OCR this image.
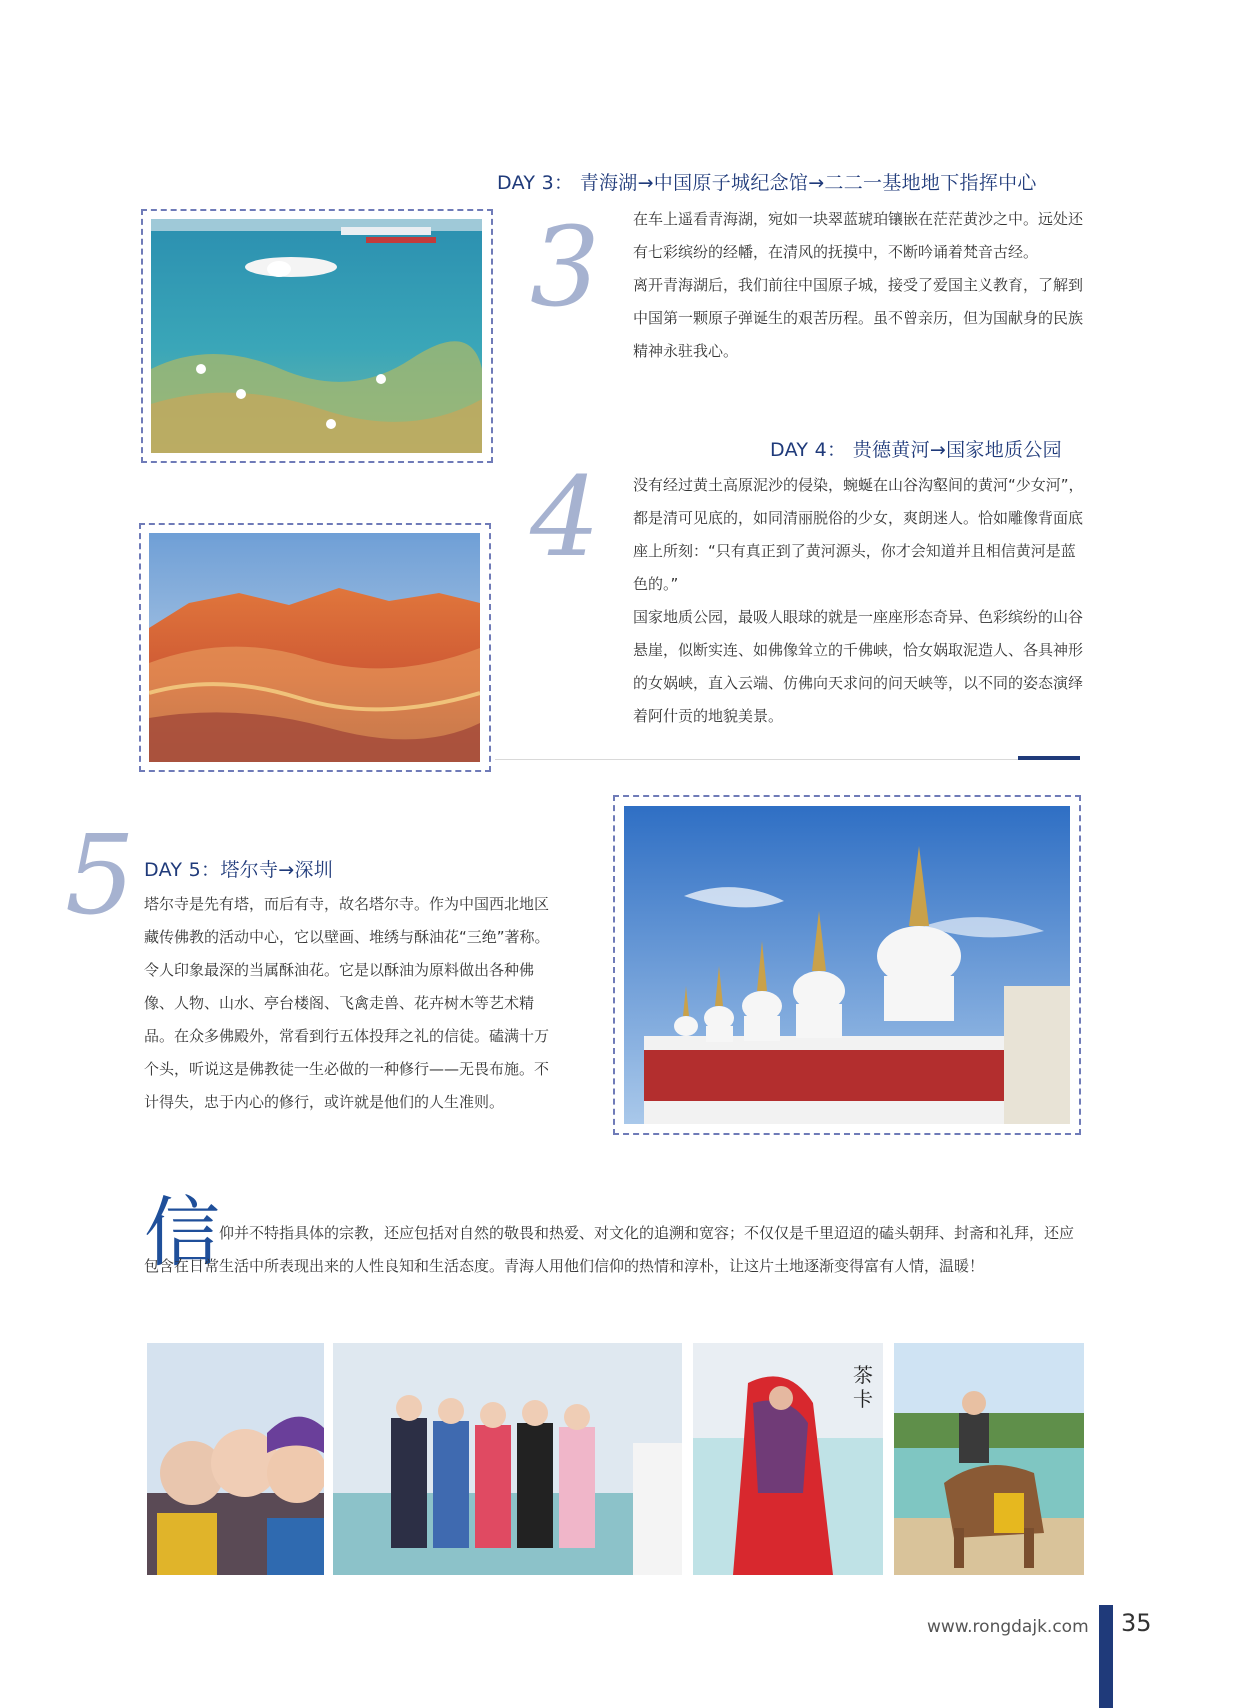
DAY 3： 青海湖→中国原子城纪念馆→二二一基地地下指挥中心
3 在车上遥看青海湖，宛如一块翠蓝琥珀镶嵌在茫茫黄沙之中。远处还有七彩缤纷的经幡，在清风的抚摸中，不断吟诵着梵音古经。

离开青海湖后，我们前往中国原子城，接受了爱国主义教育，了解到中国第一颗原子弹诞生的艰苦历程。虽不曾亲历，但为国献身的民族精神永驻我心。

DAY 4： 贵德黄河→国家地质公园
4 没有经过黄土高原泥沙的侵染，蜿蜒在山谷沟壑间的黄河“少女河”，都是清可见底的，如同清丽脱俗的少女，爽朗迷人。恰如雕像背面底座上所刻：“只有真正到了黄河源头，你才会知道并且相信黄河是蓝色的。”

国家地质公园，最吸人眼球的就是一座座形态奇异、色彩缤纷的山谷悬崖，似断实连、如佛像耸立的千佛峡，恰女娲取泥造人、各具神形的女娲峡，直入云端、仿佛向天求问的问天峡等，以不同的姿态演绎着阿什贡的地貌美景。

5 DAY 5：塔尔寺→深圳

塔尔寺是先有塔，而后有寺，故名塔尔寺。作为中国西北地区藏传佛教的活动中心，它以壁画、堆绣与酥油花“三绝”著称。令人印象最深的当属酥油花。它是以酥油为原料做出各种佛像、人物、山水、亭台楼阁、飞禽走兽、花卉树木等艺术精品。在众多佛殿外，常看到行五体投拜之礼的信徒。磕满十万个头，听说这是佛教徒一生必做的一种修行——无畏布施。不计得失，忠于内心的修行，或许就是他们的人生准则。

信 仰并不特指具体的宗教，还应包括对自然的敬畏和热爱、对文化的追溯和宽容；不仅仅是千里迢迢的磕头朝拜、封斋和礼拜，还应包含在日常生活中所表现出来的人性良知和生活态度。青海人用他们信仰的热情和淳朴，让这片土地逐渐变得富有人情，温暖！

茶卡
www.rongdajk.com 35
